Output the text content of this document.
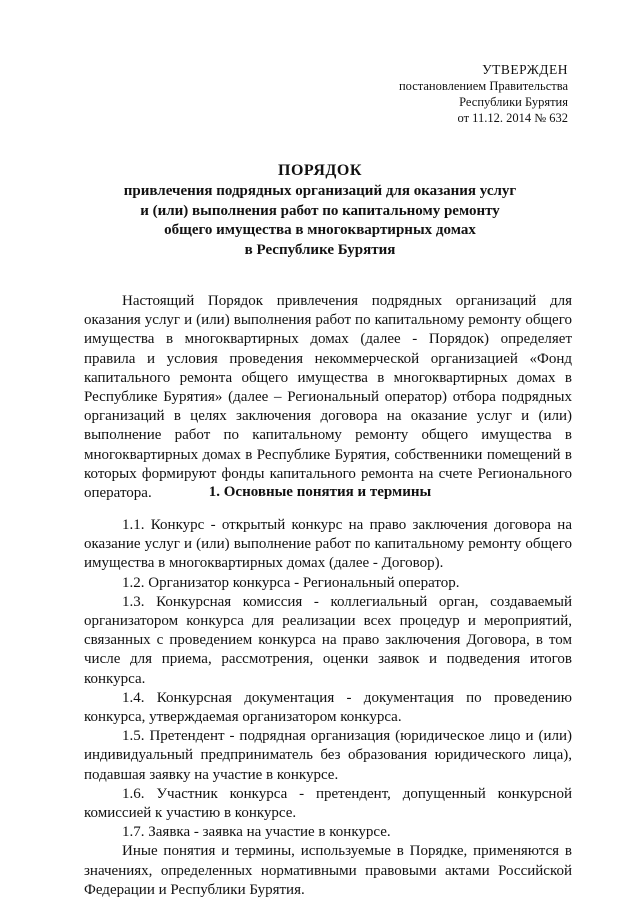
УТВЕРЖДЕН
постановлением Правительства
Республики Бурятия
от 11.12. 2014 № 632
ПОРЯДОК
привлечения подрядных организаций для оказания услуг
и (или) выполнения работ по капитальному ремонту
общего имущества в многоквартирных домах
в Республике Бурятия

Настоящий Порядок привлечения подрядных организаций для оказания услуг и (или) выполнения работ по капитальному ремонту общего имущества в многоквартирных домах (далее - Порядок) определяет правила и условия проведения некоммерческой организацией «Фонд капитального ремонта общего имущества в многоквартирных домах в Республике Бурятия» (далее – Региональный оператор) отбора подрядных организаций в целях заключения договора на оказание услуг и (или) выполнение работ по капитальному ремонту общего имущества в многоквартирных домах в Республике Бурятия, собственники помещений в которых формируют фонды капитального ремонта на счете Регионального оператора.	1. Основные понятия и термины

1.1. Конкурс - открытый конкурс на право заключения договора на оказание услуг и (или) выполнение работ по капитальному ремонту общего имущества в многоквартирных домах (далее - Договор).

1.2. Организатор конкурса - Региональный оператор.

1.3. Конкурсная комиссия - коллегиальный орган, создаваемый организатором конкурса для реализации всех процедур и мероприятий, связанных с проведением конкурса на право заключения Договора, в том числе для приема, рассмотрения, оценки заявок и подведения итогов конкурса.

1.4. Конкурсная документация - документация по проведению конкурса, утверждаемая организатором конкурса.

1.5. Претендент - подрядная организация (юридическое лицо и (или) индивидуальный предприниматель без образования юридического лица), подавшая заявку на участие в конкурсе.

1.6. Участник конкурса - претендент, допущенный конкурсной комиссией к участию в конкурсе.

1.7. Заявка - заявка на участие в конкурсе.

Иные понятия и термины, используемые в Порядке, применяются в значениях, определенных нормативными правовыми актами Российской Федерации и Республики Бурятия.
